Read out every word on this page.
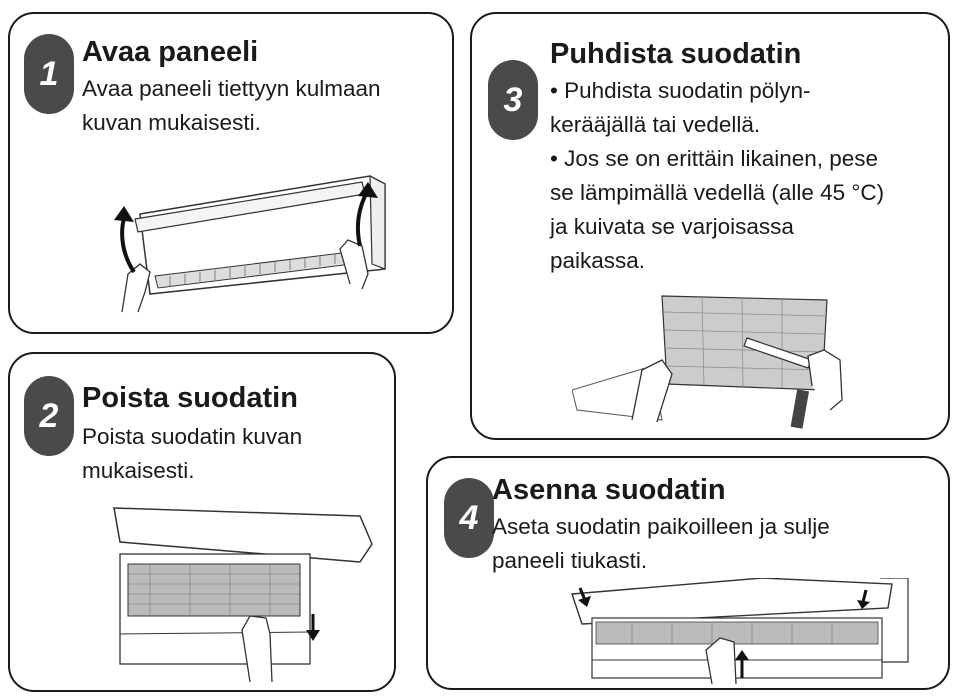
1
Avaa paneeli

Avaa paneeli tiettyyn kulmaan

kuvan mukaisesti.

2 Poista suodatin

Poista suodatin kuvan

mukaisesti.

3
Puhdista suodatin

• Puhdista suodatin pölyn-

kerääjällä tai vedellä.

• Jos se on erittäin likainen, pese

se lämpimällä vedellä (alle 45 °C)

ja kuivata se varjoisassa

paikassa.

4
Asenna suodatin

Aseta suodatin paikoilleen ja sulje

paneeli tiukasti.
